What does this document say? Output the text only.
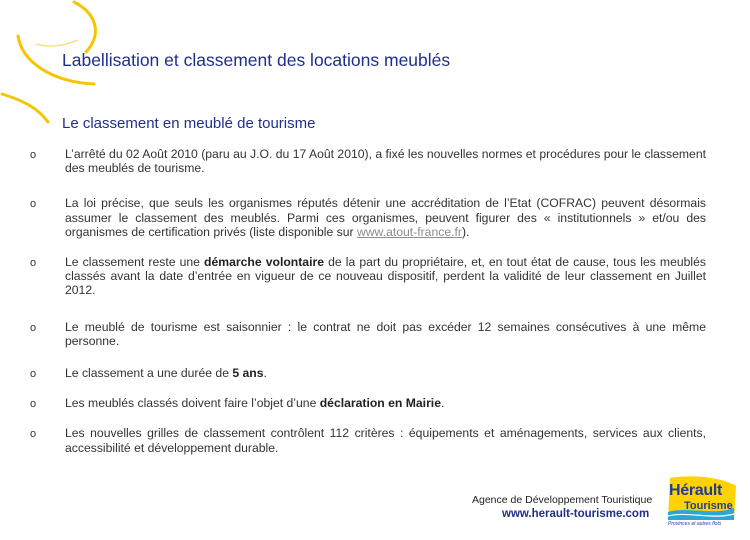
Labellisation et classement des locations meublés
Le classement en meublé de tourisme
o L’arrêté du 02 Août 2010 (paru au J.O. du 17 Août 2010), a fixé les nouvelles normes et procédures pour le classement des meublés de tourisme.
o La loi précise, que seuls les organismes réputés détenir une accréditation de l’Etat (COFRAC) peuvent désormais assumer le classement des meublés. Parmi ces organismes, peuvent figurer des « institutionnels » et/ou des organismes de certification privés (liste disponible sur www.atout-france.fr).
o Le classement reste une démarche volontaire de la part du propriétaire, et, en tout état de cause, tous les meublés classés avant la date d’entrée en vigueur de ce nouveau dispositif, perdent la validité de leur classement en Juillet 2012.
o Le meublé de tourisme est saisonnier : le contrat ne doit pas excéder 12 semaines consécutives à une même personne.
o Le classement a une durée de 5 ans.
o Les meublés classés doivent faire l’objet d’une déclaration en Mairie.
o Les nouvelles grilles de classement contrôlent 112 critères : équipements et aménagements, services aux clients, accessibilité et développement durable.
Agence de Développement Touristique
www.herault-tourisme.com
Hérault
Tourisme
Provinces et autres flots
